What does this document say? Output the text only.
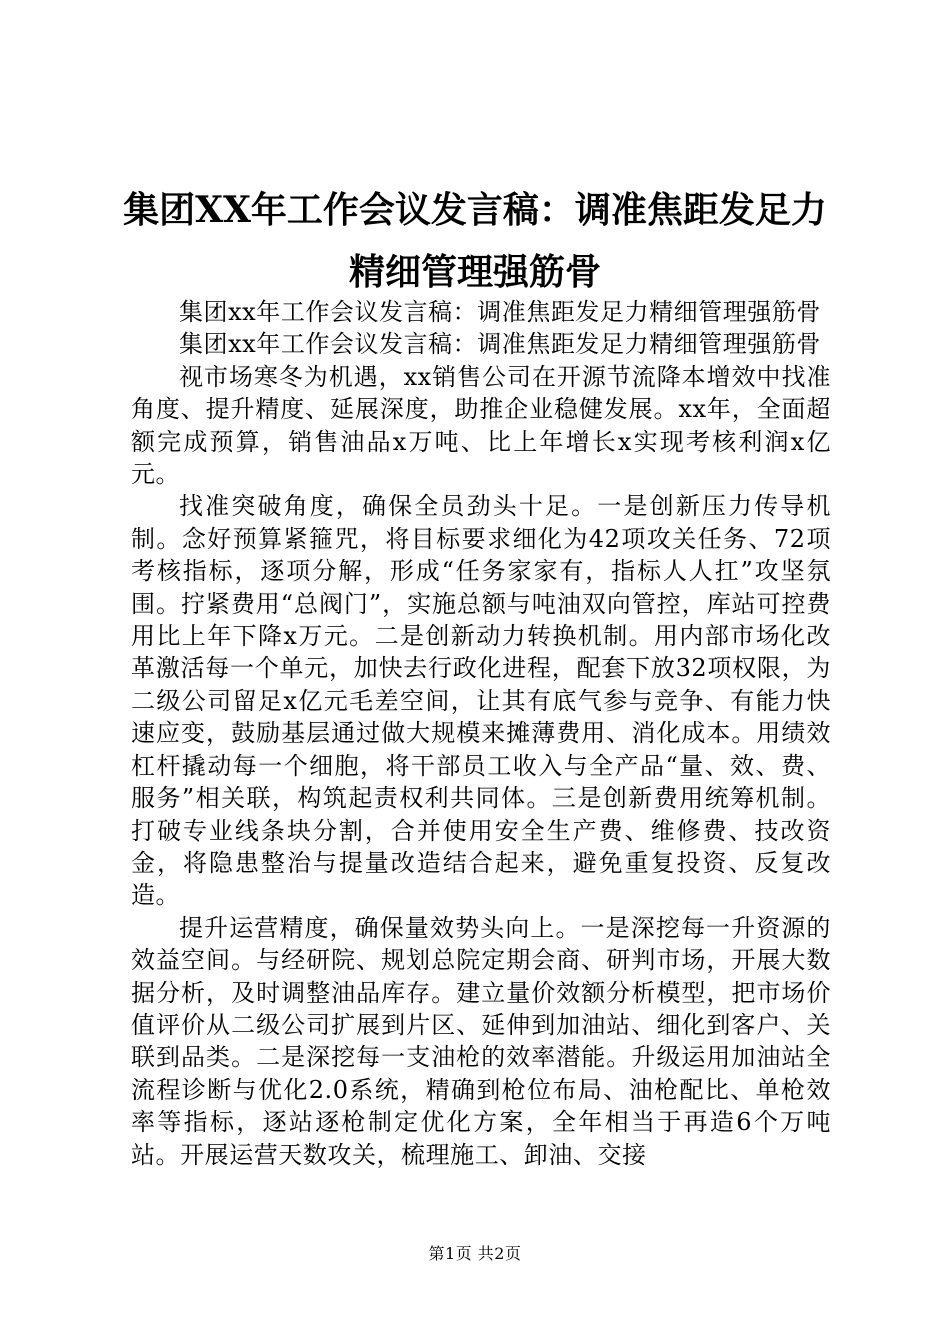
集团XX年工作会议发言稿：调准焦距发足力
精细管理强筋骨

集团xx年工作会议发言稿：调准焦距发足力精细管理强筋骨

集团xx年工作会议发言稿：调准焦距发足力精细管理强筋骨

视市场寒冬为机遇，xx销售公司在开源节流降本增效中找准角度、提升精度、延展深度，助推企业稳健发展。xx年，全面超额完成预算，销售油品x万吨、比上年增长x实现考核利润x亿元。

找准突破角度，确保全员劲头十足。一是创新压力传导机制。念好预算紧箍咒，将目标要求细化为42项攻关任务、72项考核指标，逐项分解，形成“任务家家有，指标人人扛”攻坚氛围。拧紧费用“总阀门”，实施总额与吨油双向管控，库站可控费用比上年下降x万元。二是创新动力转换机制。用内部市场化改革激活每一个单元，加快去行政化进程，配套下放32项权限，为二级公司留足x亿元毛差空间，让其有底气参与竞争、有能力快速应变，鼓励基层通过做大规模来摊薄费用、消化成本。用绩效杠杆撬动每一个细胞，将干部员工收入与全产品“量、效、费、服务”相关联，构筑起责权利共同体。三是创新费用统筹机制。打破专业线条块分割，合并使用安全生产费、维修费、技改资金，将隐患整治与提量改造结合起来，避免重复投资、反复改造。

提升运营精度，确保量效势头向上。一是深挖每一升资源的效益空间。与经研院、规划总院定期会商、研判市场，开展大数据分析，及时调整油品库存。建立量价效额分析模型，把市场价值评价从二级公司扩展到片区、延伸到加油站、细化到客户、关联到品类。二是深挖每一支油枪的效率潜能。升级运用加油站全流程诊断与优化2.0系统，精确到枪位布局、油枪配比、单枪效率等指标，逐站逐枪制定优化方案，全年相当于再造6个万吨站。开展运营天数攻关，梳理施工、卸油、交接

第1页 共2页
